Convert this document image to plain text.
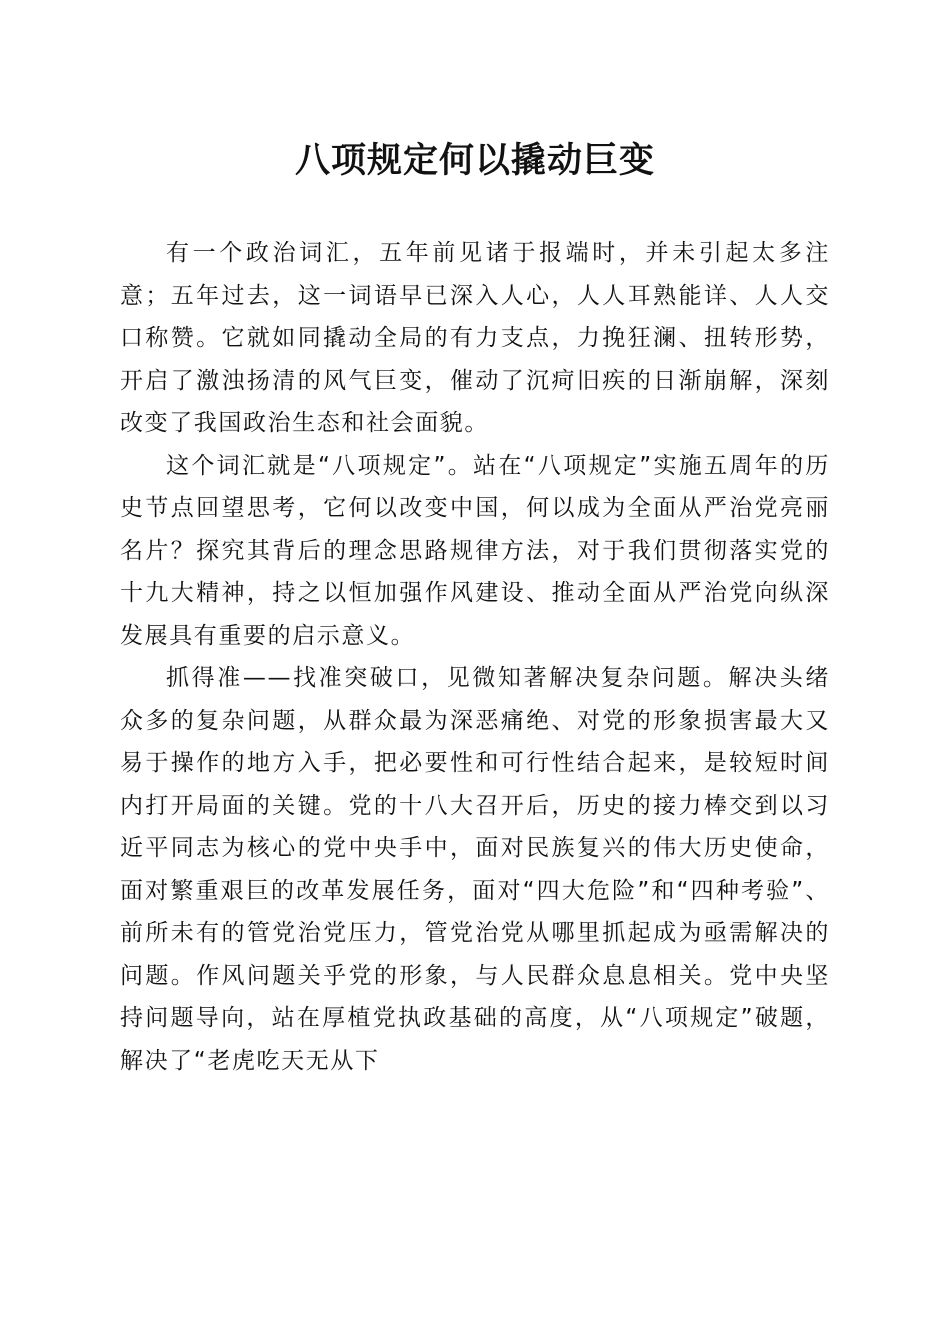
八项规定何以撬动巨变

有一个政治词汇，五年前见诸于报端时，并未引起太多注意；五年过去，这一词语早已深入人心，人人耳熟能详、人人交口称赞。它就如同撬动全局的有力支点，力挽狂澜、扭转形势，开启了激浊扬清的风气巨变，催动了沉疴旧疾的日渐崩解，深刻改变了我国政治生态和社会面貌。

这个词汇就是“八项规定”。站在“八项规定”实施五周年的历史节点回望思考，它何以改变中国，何以成为全面从严治党亮丽名片？探究其背后的理念思路规律方法，对于我们贯彻落实党的十九大精神，持之以恒加强作风建设、推动全面从严治党向纵深发展具有重要的启示意义。

抓得准——找准突破口，见微知著解决复杂问题。解决头绪众多的复杂问题，从群众最为深恶痛绝、对党的形象损害最大又易于操作的地方入手，把必要性和可行性结合起来，是较短时间内打开局面的关键。党的十八大召开后，历史的接力棒交到以习近平同志为核心的党中央手中，面对民族复兴的伟大历史使命，面对繁重艰巨的改革发展任务，面对“四大危险”和“四种考验”、前所未有的管党治党压力，管党治党从哪里抓起成为亟需解决的问题。作风问题关乎党的形象，与人民群众息息相关。党中央坚持问题导向，站在厚植党执政基础的高度，从“八项规定”破题，解决了“老虎吃天无从下
